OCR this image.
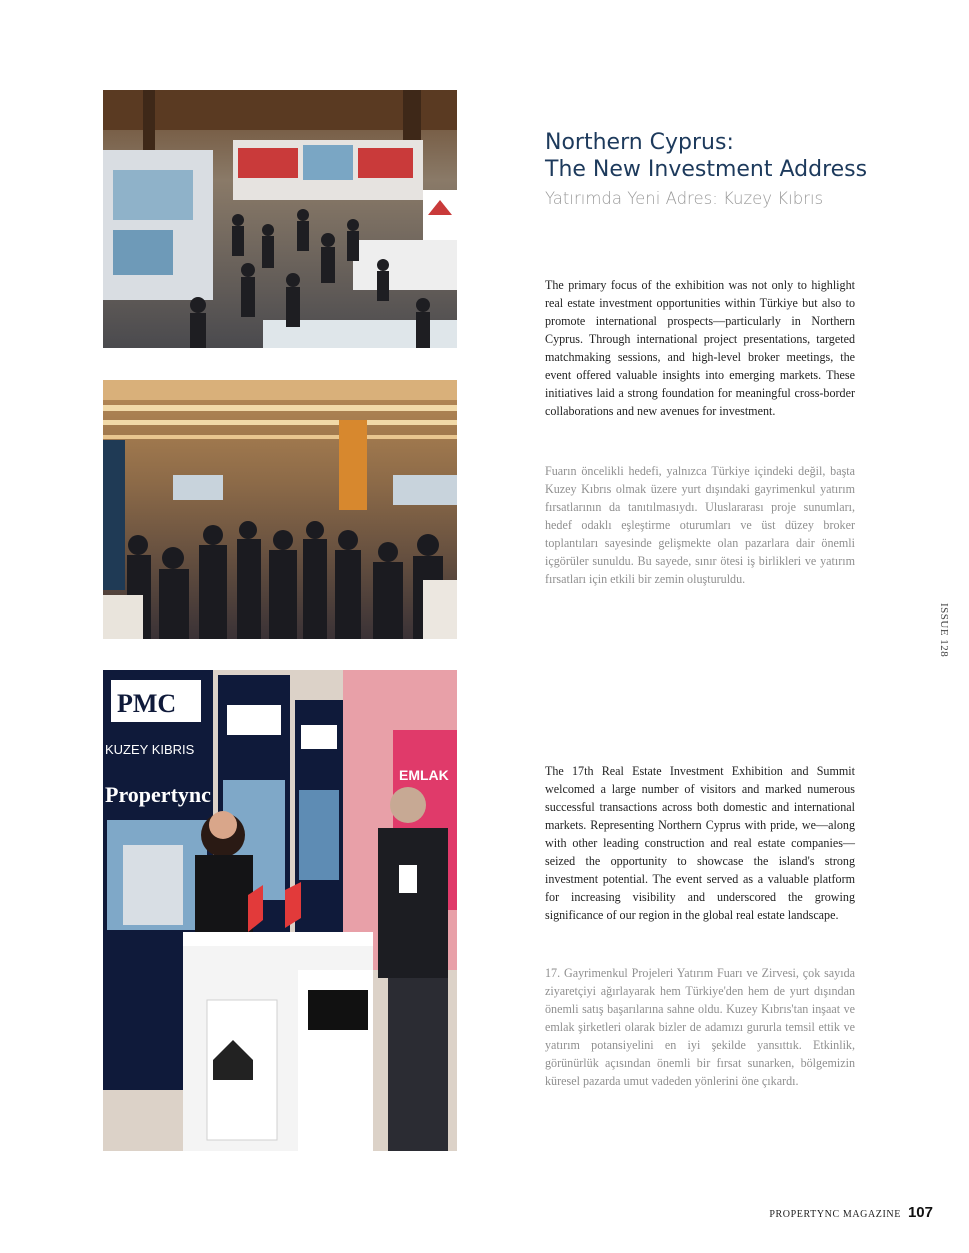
EMLAK
PMC
KUZEY KIBRIS
Propertync
Northern Cyprus:
The New Investment Address

Yatırımda Yeni Adres: Kuzey Kıbrıs

The primary focus of the exhibition was not only to highlight real estate investment opportunities within Türkiye but also to promote international prospects—particularly in Northern Cyprus. Through international project presentations, targeted matchmaking sessions, and high-level broker meetings, the event offered valuable insights into emerging markets. These initiatives laid a strong foundation for meaningful cross-border collaborations and new avenues for investment.

Fuarın öncelikli hedefi, yalnızca Türkiye içindeki değil, başta Kuzey Kıbrıs olmak üzere yurt dışındaki gayrimenkul yatırım fırsatlarının da tanıtılmasıydı. Uluslararası proje sunumları, hedef odaklı eşleştirme oturumları ve üst düzey broker toplantıları sayesinde gelişmekte olan pazarlara dair önemli içgörüler sunuldu. Bu sayede, sınır ötesi iş birlikleri ve yatırım fırsatları için etkili bir zemin oluşturuldu.

The 17th Real Estate Investment Exhibition and Summit welcomed a large number of visitors and marked numerous successful transactions across both domestic and international markets. Representing Northern Cyprus with pride, we—along with other leading construction and real estate companies—seized the opportunity to showcase the island's strong investment potential. The event served as a valuable platform for increasing visibility and underscored the growing significance of our region in the global real estate landscape.

17. Gayrimenkul Projeleri Yatırım Fuarı ve Zirvesi, çok sayıda ziyaretçiyi ağırlayarak hem Türkiye'den hem de yurt dışından önemli satış başarılarına sahne oldu. Kuzey Kıbrıs'tan inşaat ve emlak şirketleri olarak bizler de adamızı gururla temsil ettik ve yatırım potansiyelini en iyi şekilde yansıttık. Etkinlik, görünürlük açısından önemli bir fırsat sunarken, bölgemizin küresel pazarda umut vadeden yönlerini öne çıkardı.

ISSUE 128
PROPERTYNC MAGAZINE 107
